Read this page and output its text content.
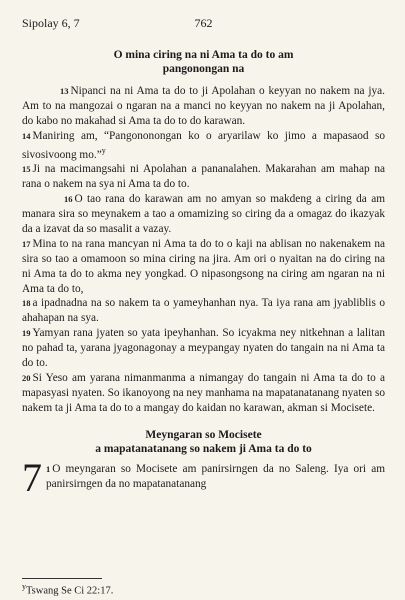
Sipolay 6, 7	762
O mina ciring na ni Ama ta do to am
pangonongan na

13 Nipanci na ni Ama ta do to ji Apolahan o keyyan no nakem na jya. Am to na mangozai o ngaran na a manci no keyyan no nakem na ji Apolahan, do kabo no makahad si Ama ta do to do karawan.

14 Maniring am, “Pangononongan ko o aryarilaw ko jimo a mapasaod so sivosivoong mo.”$^y$

15 Ji na macimangsahi ni Apolahan a pananalahen. Makarahan am mahap na rana o nakem na sya ni Ama ta do to.

16 O tao rana do karawan am no amyan so makdeng a ciring da am manara sira so meynakem a tao a omamizing so ciring da a omagaz do ikazyak da a izavat da so masalit a vazay.

17 Mina to na rana mancyan ni Ama ta do to o kaji na ablisan no nakenakem na sira so tao a omamoon so mina ciring na jira. Am ori o nyaitan na do ciring na ni Ama ta do to akma ney yongkad. O nipasongsong na ciring am ngaran na ni Ama ta do to,

18 a ipadnadna na so nakem ta o yameyhanhan nya. Ta iya rana am jyabliblis o ahahapan na sya.

19 Yamyan rana jyaten so yata ipeyhanhan. So icyakma ney nitkehnan a lalitan no pahad ta, yarana jyagonagonay a meypangay nyaten do tangain na ni Ama ta do to.

20 Si Yeso am yarana nimanmanma a nimangay do tangain ni Ama ta do to a mapasyasi nyaten. So ikanoyong na ney manhama na mapatanatanang nyaten so nakem ta ji Ama ta do to a mangay do kaidan no karawan, akman si Mocisete.

Meyngaran so Mocisete
a mapatanatanang so nakem ji Ama ta do to
7 1 O meyngaran so Mocisete am panirsirngen da no Saleng. Iya ori am panirsirngen da no mapatanatanang
$^y$Tswang Se Ci 22:17.
